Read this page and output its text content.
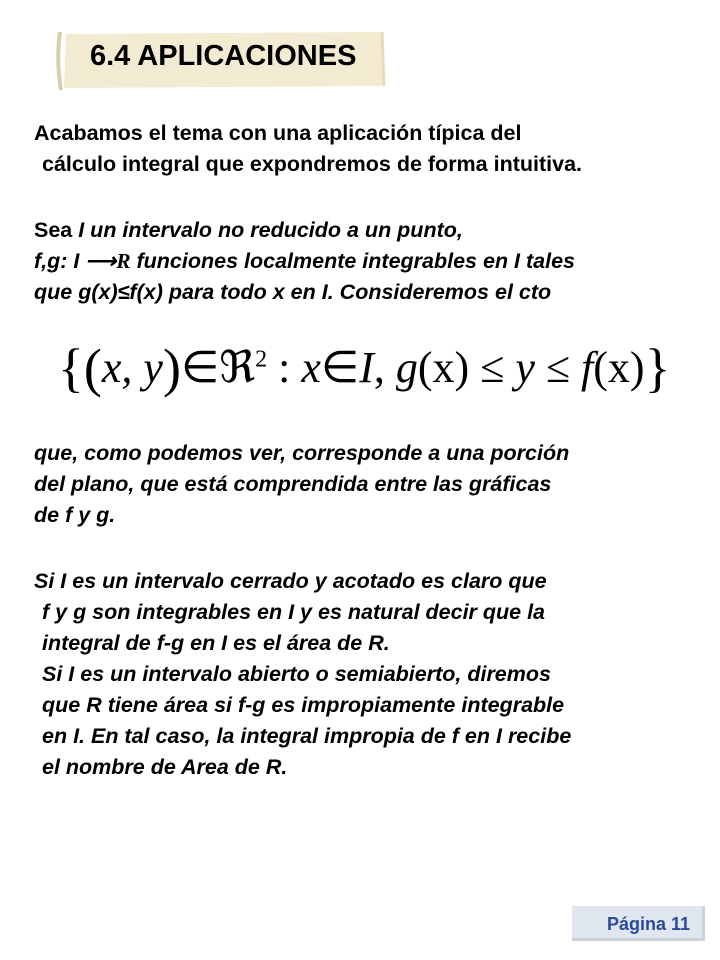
6.4 APLICACIONES
Acabamos el tema con una aplicación típica del
cálculo integral que expondremos de forma intuitiva.
Sea I un intervalo no reducido a un punto,
f,g: I ⟶R funciones localmente integrables en I tales
que g(x)≤f(x) para todo x en I. Consideremos el cto
{(x, y)∈ℜ$^2$ : x∈I, g(x) ≤ y ≤ f(x)}
que, como podemos ver, corresponde a una porción
del plano, que está comprendida entre las gráficas
de f y g.
Si I es un intervalo cerrado y acotado es claro que
f y g son integrables en I y es natural decir que la
integral de f-g en I es el área de R.
Si I es un intervalo abierto o semiabierto, diremos
que R tiene área si f-g es impropiamente integrable
en I. En tal caso, la integral impropia de f en I recibe
el nombre de Area de R.
Página 11
